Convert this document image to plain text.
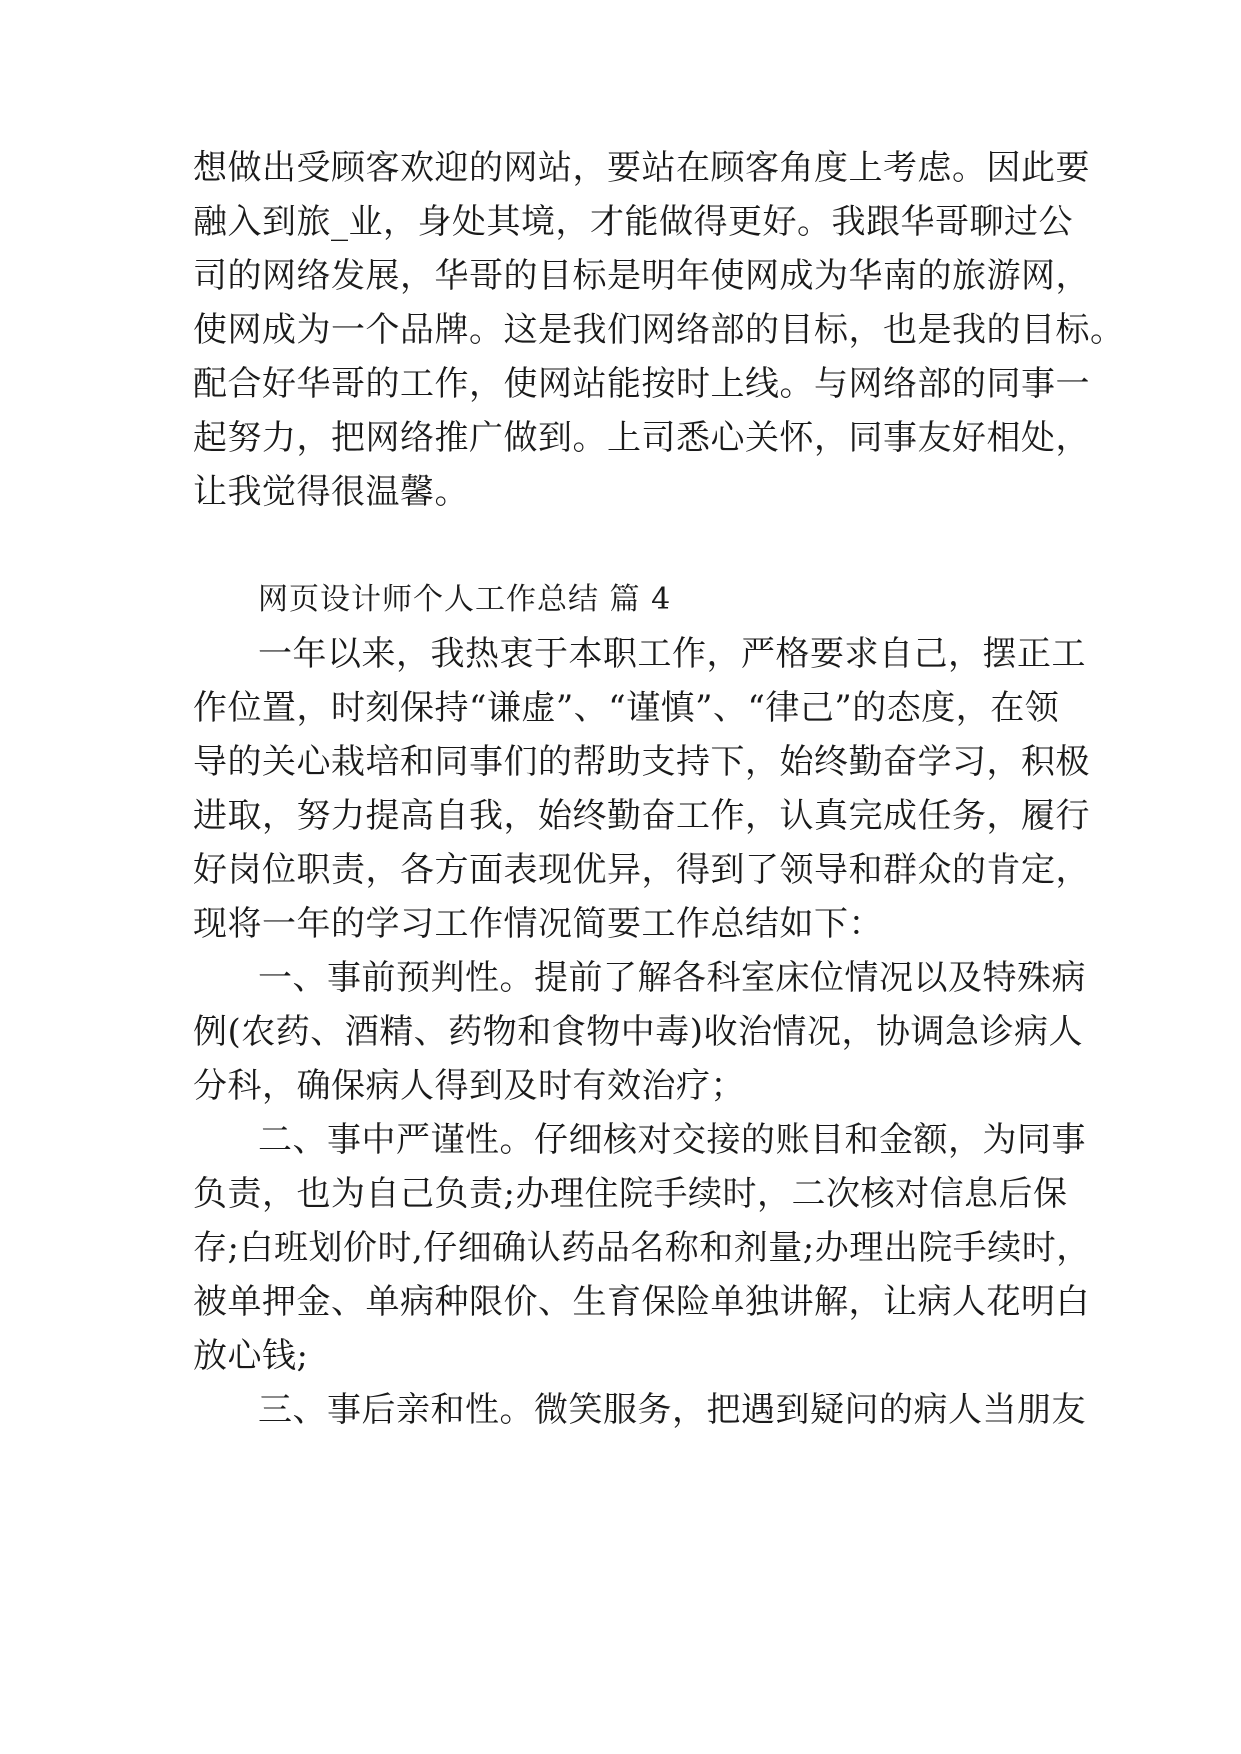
想做出受顾客欢迎的网站，要站在顾客角度上考虑。因此要
融入到旅_业，身处其境，才能做得更好。我跟华哥聊过公
司的网络发展，华哥的目标是明年使网成为华南的旅游网，
使网成为一个品牌。这是我们网络部的目标，也是我的目标。
配合好华哥的工作，使网站能按时上线。与网络部的同事一
起努力，把网络推广做到。上司悉心关怀，同事友好相处，
让我觉得很温馨。
网页设计师个人工作总结 篇 4
一年以来，我热衷于本职工作，严格要求自己，摆正工
作位置，时刻保持“谦虚”、“谨慎”、“律己”的态度，在领
导的关心栽培和同事们的帮助支持下，始终勤奋学习，积极
进取，努力提高自我，始终勤奋工作，认真完成任务，履行
好岗位职责，各方面表现优异，得到了领导和群众的肯定，
现将一年的学习工作情况简要工作总结如下：
一、事前预判性。提前了解各科室床位情况以及特殊病
例(农药、酒精、药物和食物中毒)收治情况，协调急诊病人
分科，确保病人得到及时有效治疗；
二、事中严谨性。仔细核对交接的账目和金额，为同事
负责，也为自己负责;办理住院手续时，二次核对信息后保
存;白班划价时,仔细确认药品名称和剂量;办理出院手续时，
被单押金、单病种限价、生育保险单独讲解，让病人花明白
放心钱;
三、事后亲和性。微笑服务，把遇到疑问的病人当朋友
